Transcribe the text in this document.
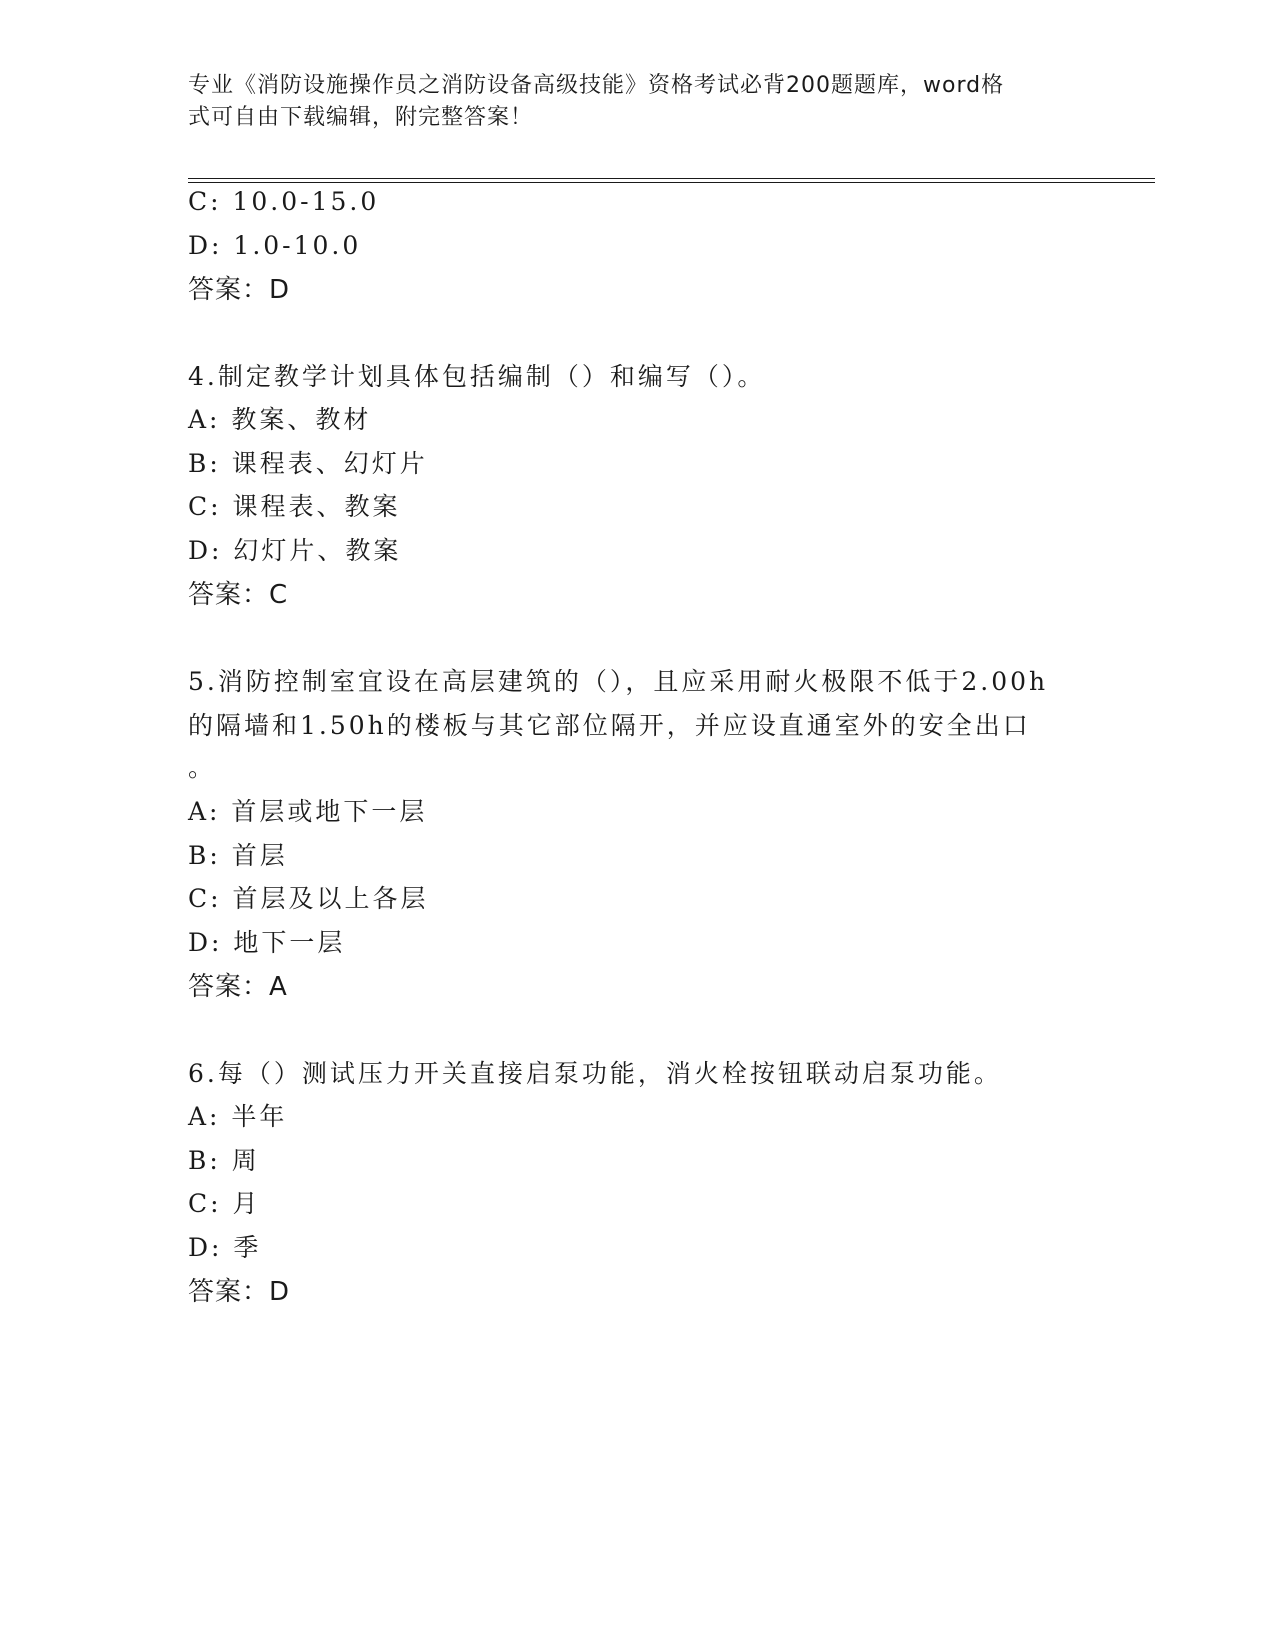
专业《消防设施操作员之消防设备高级技能》资格考试必背200题题库，word格
式可自由下载编辑，附完整答案！
C: 10.0-15.0
D: 1.0-10.0
答案：D
4.制定教学计划具体包括编制（）和编写（）。
A: 教案、教材
B: 课程表、幻灯片
C: 课程表、教案
D: 幻灯片、教案
答案：C
5.消防控制室宜设在高层建筑的（），且应采用耐火极限不低于2.00h
的隔墙和1.50h的楼板与其它部位隔开，并应设直通室外的安全出口
。
A: 首层或地下一层
B: 首层
C: 首层及以上各层
D: 地下一层
答案：A
6.每（）测试压力开关直接启泵功能，消火栓按钮联动启泵功能。
A: 半年
B: 周
C: 月
D: 季
答案：D
